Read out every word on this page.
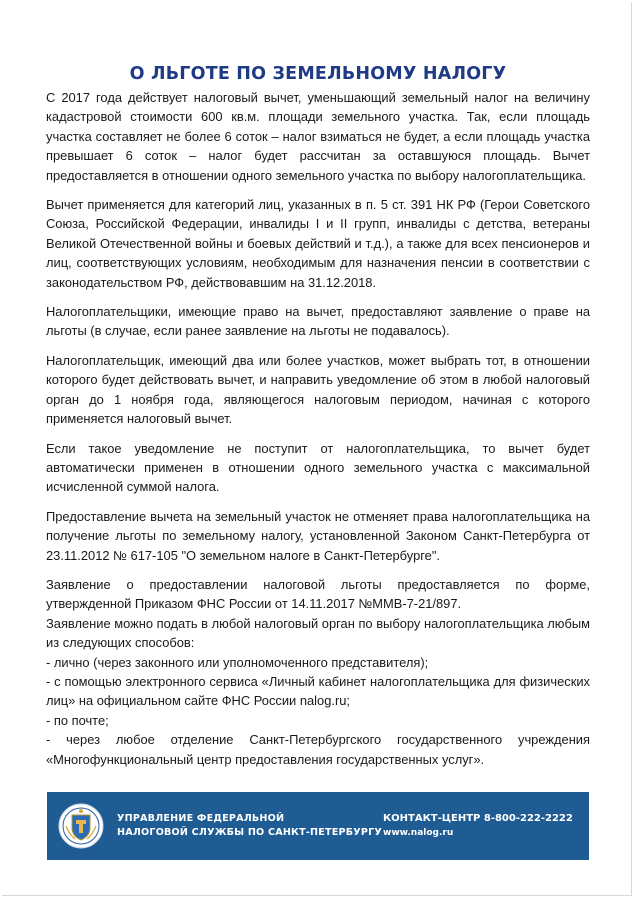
О ЛЬГОТЕ ПО ЗЕМЕЛЬНОМУ НАЛОГУ

С 2017 года действует налоговый вычет, уменьшающий земельный налог на величину кадастровой стоимости 600 кв.м. площади земельного участка. Так, если площадь участка составляет не более 6 соток – налог взиматься не будет, а если площадь участка превышает 6 соток – налог будет рассчитан за оставшуюся площадь. Вычет предоставляется в отношении одного земельного участка по выбору налогоплательщика.

Вычет применяется для категорий лиц, указанных в п. 5 ст. 391 НК РФ (Герои Советского Союза, Российской Федерации, инвалиды I и II групп, инвалиды с детства, ветераны Великой Отечественной войны и боевых действий и т.д.), а также для всех пенсионеров и лиц, соответствующих условиям, необходимым для назначения пенсии в соответствии с законодательством РФ, действовавшим на 31.12.2018.

Налогоплательщики, имеющие право на вычет, предоставляют заявление о праве на льготы (в случае, если ранее заявление на льготы не подавалось).

Налогоплательщик, имеющий два или более участков, может выбрать тот, в отношении которого будет действовать вычет, и направить уведомление об этом в любой налоговый орган до 1 ноября года, являющегося налоговым периодом, начиная с которого применяется налоговый вычет.

Если такое уведомление не поступит от налогоплательщика, то вычет будет автоматически применен в отношении одного земельного участка с максимальной исчисленной суммой налога.

Предоставление вычета на земельный участок не отменяет права налогоплательщика на получение льготы по земельному налогу, установленной Законом Санкт-Петербурга от 23.11.2012 № 617-105 "О земельном налоге в Санкт-Петербурге".

Заявление о предоставлении налоговой льготы предоставляется по форме, утвержденной Приказом ФНС России от 14.11.2017 №ММВ-7-21/897.

Заявление можно подать в любой налоговый орган по выбору налогоплательщика любым из следующих способов:

- лично (через законного или уполномоченного представителя);
- с помощью электронного сервиса «Личный кабинет налогоплательщика для физических лиц» на официальном сайте ФНС России nalog.ru;
- по почте;
- через любое отделение Санкт-Петербургского государственного учреждения «Многофункциональный центр предоставления государственных услуг».
УПРАВЛЕНИЕ ФЕДЕРАЛЬНОЙ
НАЛОГОВОЙ СЛУЖБЫ ПО САНКТ-ПЕТЕРБУРГУ
КОНТАКТ-ЦЕНТР 8-800-222-2222
www.nalog.ru
